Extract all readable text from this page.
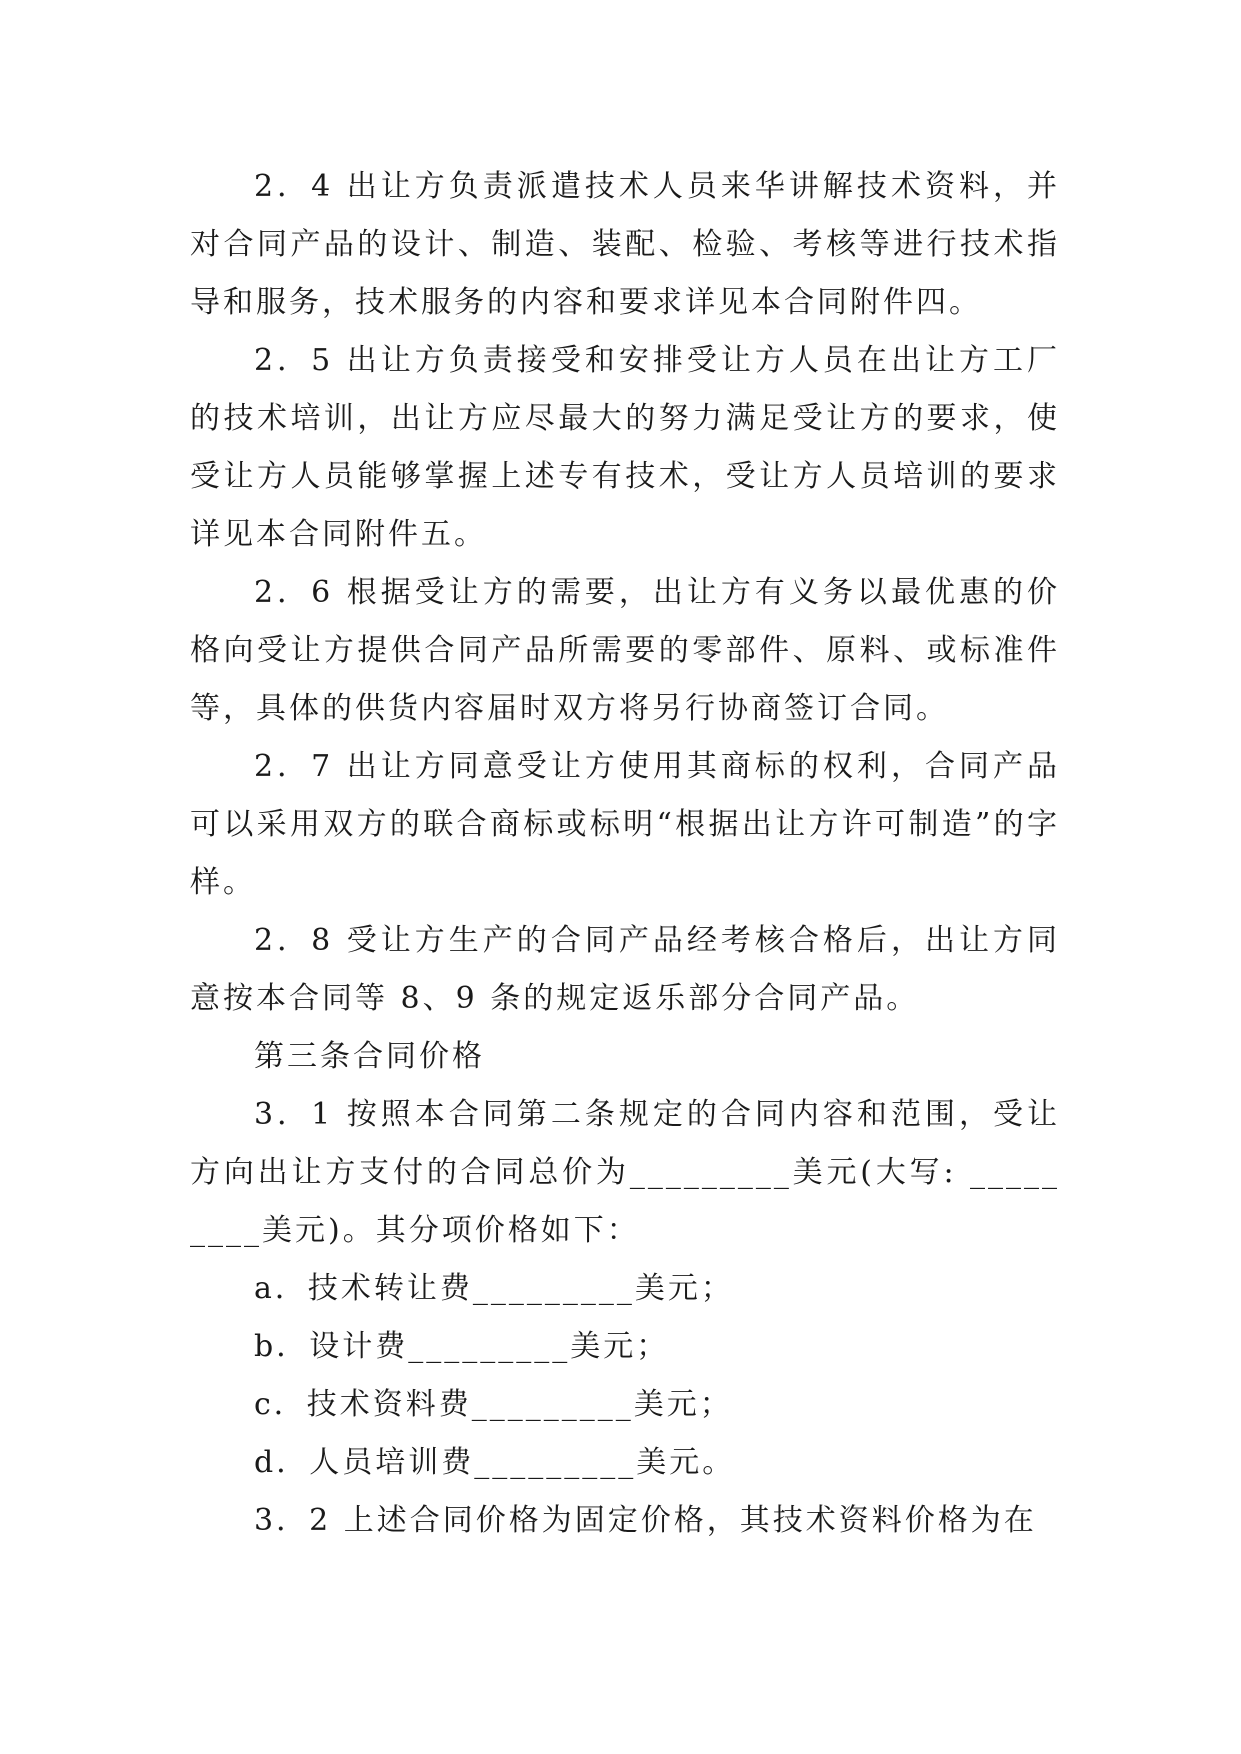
2．4 出让方负责派遣技术人员来华讲解技术资料，并对合同产品的设计、制造、装配、检验、考核等进行技术指导和服务，技术服务的内容和要求详见本合同附件四。

2．5 出让方负责接受和安排受让方人员在出让方工厂的技术培训，出让方应尽最大的努力满足受让方的要求，使受让方人员能够掌握上述专有技术，受让方人员培训的要求详见本合同附件五。

2．6 根据受让方的需要，出让方有义务以最优惠的价格向受让方提供合同产品所需要的零部件、原料、或标准件等，具体的供货内容届时双方将另行协商签订合同。

2．7 出让方同意受让方使用其商标的权利，合同产品可以采用双方的联合商标或标明“根据出让方许可制造”的字样。

2．8 受让方生产的合同产品经考核合格后，出让方同意按本合同等 8、9 条的规定返乐部分合同产品。

第三条合同价格

3．1 按照本合同第二条规定的合同内容和范围，受让方向出让方支付的合同总价为_________美元(大写: _________美元)。其分项价格如下：

a．技术转让费_________美元；

b．设计费_________美元；

c．技术资料费_________美元；

d．人员培训费_________美元。

3．2 上述合同价格为固定价格，其技术资料价格为在
